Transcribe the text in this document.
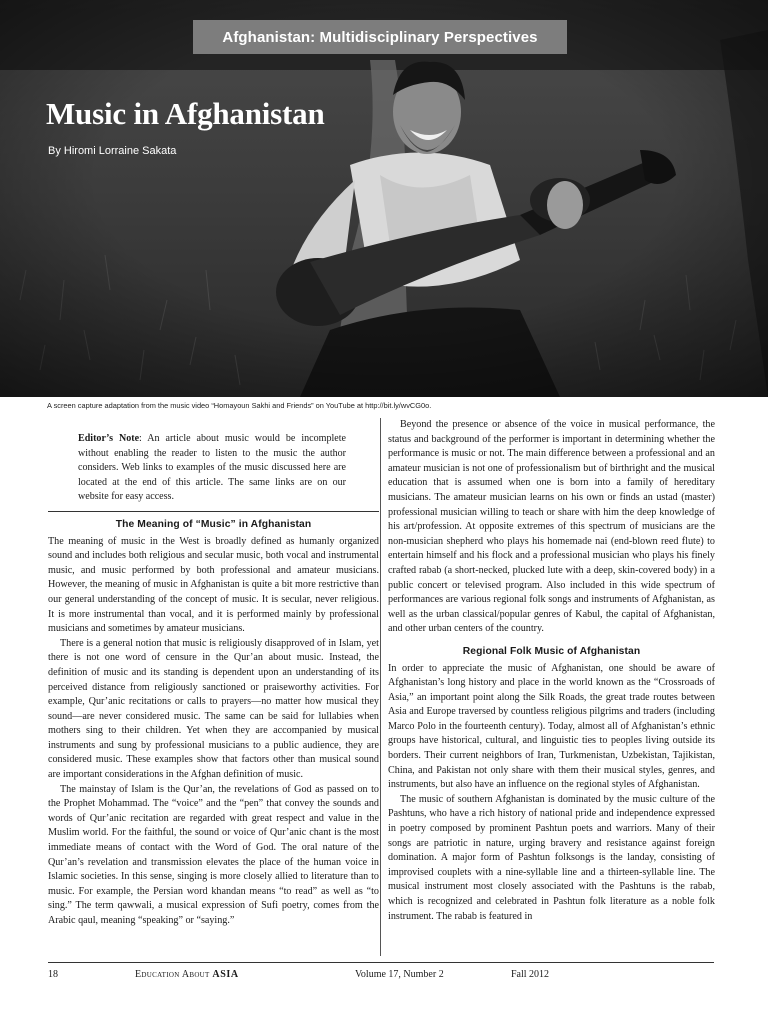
Afghanistan: Multidisciplinary Perspectives
Music in Afghanistan
By Hiromi Lorraine Sakata
A screen capture adaptation from the music video “Homayoun Sakhi and Friends” on YouTube at http://bit.ly/wvCG0o.
Editor’s Note: An article about music would be incomplete without enabling the reader to listen to the music the author considers. Web links to examples of the music discussed here are located at the end of this article. The same links are on our website for easy access.
The Meaning of “Music” in Afghanistan

The meaning of music in the West is broadly defined as humanly organized sound and includes both religious and secular music, both vocal and instrumental music, and music performed by both professional and amateur musicians. However, the meaning of music in Afghanistan is quite a bit more restrictive than our general understanding of the concept of music. It is secular, never religious. It is more instrumental than vocal, and it is performed mainly by professional musicians and sometimes by amateur musicians.

There is a general notion that music is religiously disapproved of in Islam, yet there is not one word of censure in the Qur’an about music. Instead, the definition of music and its standing is dependent upon an understanding of its perceived distance from religiously sanctioned or praiseworthy activities. For example, Qur’anic recitations or calls to prayers—no matter how musical they sound—are never considered music. The same can be said for lullabies when mothers sing to their children. Yet when they are accompanied by musical instruments and sung by professional musicians to a public audience, they are considered music. These examples show that factors other than musical sound are important considerations in the Afghan definition of music.

The mainstay of Islam is the Qur’an, the revelations of God as passed on to the Prophet Mohammad. The “voice” and the “pen” that convey the sounds and words of Qur’anic recitation are regarded with great respect and value in the Muslim world. For the faithful, the sound or voice of Qur’anic chant is the most immediate means of contact with the Word of God. The oral nature of the Qur’an’s revelation and transmission elevates the place of the human voice in Islamic societies. In this sense, singing is more closely allied to literature than to music. For example, the Persian word khandan means “to read” as well as “to sing.” The term qawwali, a musical expression of Sufi poetry, comes from the Arabic qaul, meaning “speaking” or “saying.”

Beyond the presence or absence of the voice in musical performance, the status and background of the performer is important in determining whether the performance is music or not. The main difference between a professional and an amateur musician is not one of professionalism but of birthright and the musical education that is assumed when one is born into a family of hereditary musicians. The amateur musician learns on his own or finds an ustad (master) professional musician willing to teach or share with him the deep knowledge of his art/profession. At opposite extremes of this spectrum of musicians are the non-musician shepherd who plays his homemade nai (end-blown reed flute) to entertain himself and his flock and a professional musician who plays his finely crafted rabab (a short-necked, plucked lute with a deep, skin-covered body) in a public concert or televised program. Also included in this wide spectrum of performances are various regional folk songs and instruments of Afghanistan, as well as the urban classical/popular genres of Kabul, the capital of Afghanistan, and other urban centers of the country.

Regional Folk Music of Afghanistan

In order to appreciate the music of Afghanistan, one should be aware of Afghanistan’s long history and place in the world known as the “Crossroads of Asia,” an important point along the Silk Roads, the great trade routes between Asia and Europe traversed by countless religious pilgrims and traders (including Marco Polo in the fourteenth century). Today, almost all of Afghanistan’s ethnic groups have historical, cultural, and linguistic ties to peoples living outside its borders. Their current neighbors of Iran, Turkmenistan, Uzbekistan, Tajikistan, China, and Pakistan not only share with them their musical styles, genres, and instruments, but also have an influence on the regional styles of Afghanistan.

The music of southern Afghanistan is dominated by the music culture of the Pashtuns, who have a rich history of national pride and independence expressed in poetry composed by prominent Pashtun poets and warriors. Many of their songs are patriotic in nature, urging bravery and resistance against foreign domination. A major form of Pashtun folksongs is the landay, consisting of improvised couplets with a nine-syllable line and a thirteen-syllable line. The musical instrument most closely associated with the Pashtuns is the rabab, which is recognized and celebrated in Pashtun folk literature as a noble folk instrument. The rabab is featured in

18	Education About ASIA	Volume 17, Number 2	Fall 2012
